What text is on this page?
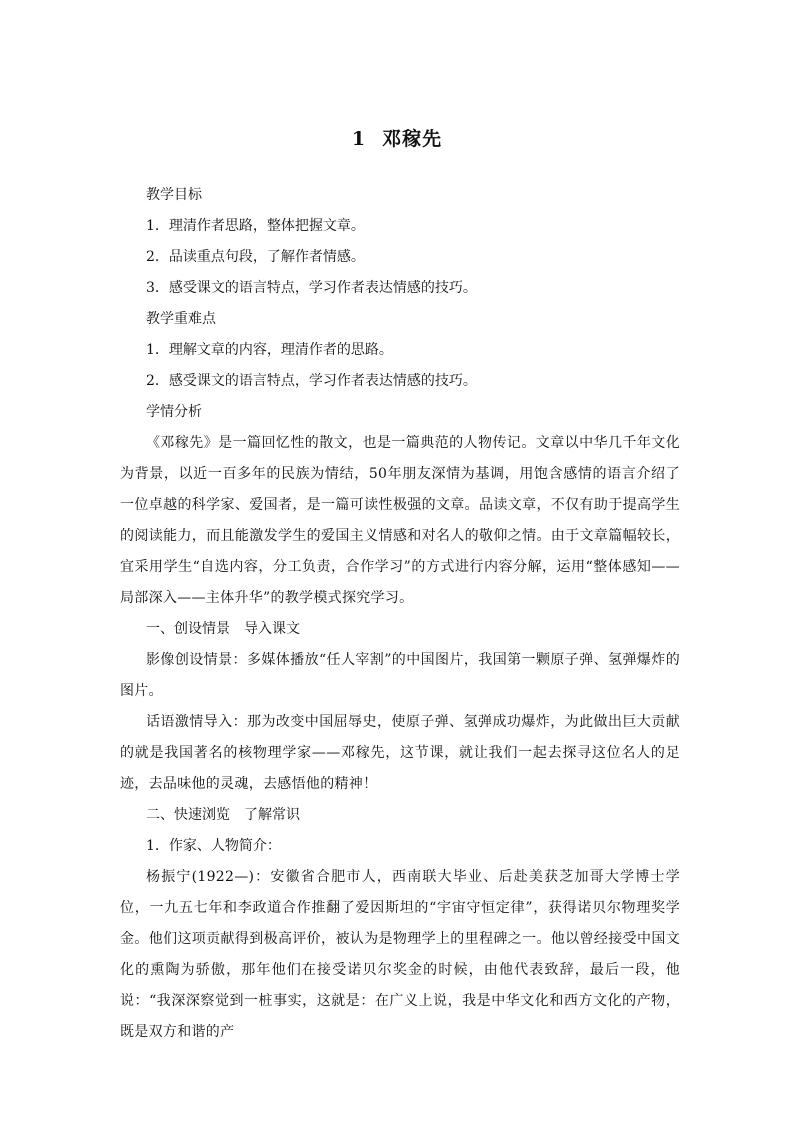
1 邓稼先

教学目标

1．理清作者思路，整体把握文章。

2．品读重点句段，了解作者情感。

3．感受课文的语言特点，学习作者表达情感的技巧。

教学重难点

1．理解文章的内容，理清作者的思路。

2．感受课文的语言特点，学习作者表达情感的技巧。

学情分析

《邓稼先》是一篇回忆性的散文，也是一篇典范的人物传记。文章以中华几千年文化为背景，以近一百多年的民族为情结，50年朋友深情为基调，用饱含感情的语言介绍了一位卓越的科学家、爱国者，是一篇可读性极强的文章。品读文章，不仅有助于提高学生的阅读能力，而且能激发学生的爱国主义情感和对名人的敬仰之情。由于文章篇幅较长，宜采用学生“自选内容，分工负责，合作学习”的方式进行内容分解，运用“整体感知——局部深入——主体升华”的教学模式探究学习。

一、创设情景　导入课文

影像创设情景：多媒体播放“任人宰割”的中国图片，我国第一颗原子弹、氢弹爆炸的图片。

话语激情导入：那为改变中国屈辱史，使原子弹、氢弹成功爆炸，为此做出巨大贡献的就是我国著名的核物理学家——邓稼先，这节课，就让我们一起去探寻这位名人的足迹，去品味他的灵魂，去感悟他的精神！

二、快速浏览　了解常识

1．作家、人物简介：

杨振宁(1922—)：安徽省合肥市人，西南联大毕业、后赴美获芝加哥大学博士学位，一九五七年和李政道合作推翻了爱因斯坦的“宇宙守恒定律”，获得诺贝尔物理奖学金。他们这项贡献得到极高评价，被认为是物理学上的里程碑之一。他以曾经接受中国文化的熏陶为骄傲，那年他们在接受诺贝尔奖金的时候，由他代表致辞，最后一段，他说：“我深深察觉到一桩事实，这就是：在广义上说，我是中华文化和西方文化的产物，既是双方和谐的产
